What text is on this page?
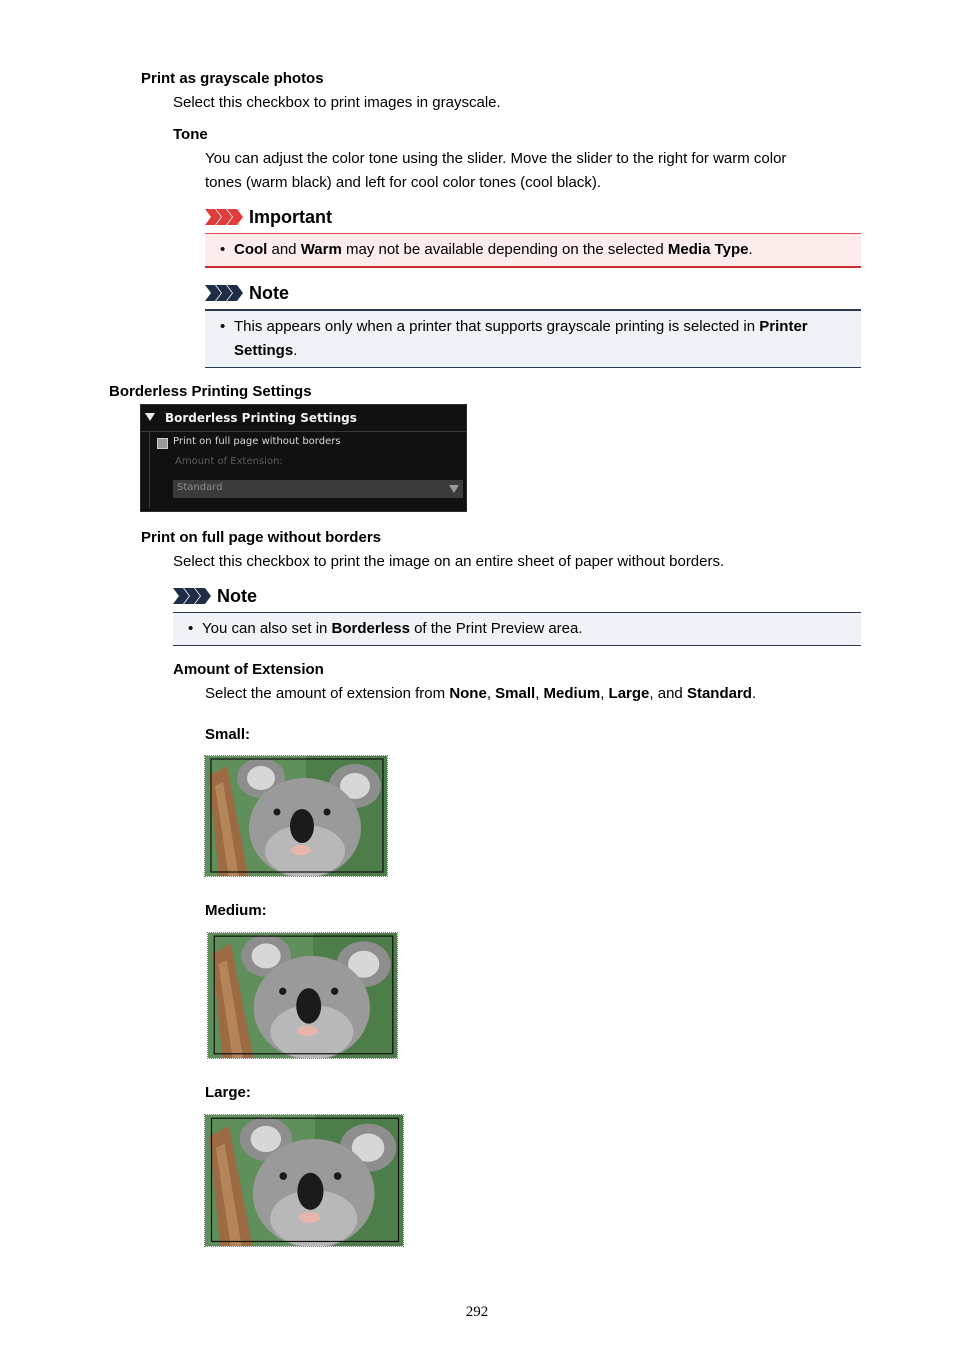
Print as grayscale photos
Select this checkbox to print images in grayscale.
Tone
You can adjust the color tone using the slider. Move the slider to the right for warm color
tones (warm black) and left for cool color tones (cool black).
Important
• Cool and Warm may not be available depending on the selected Media Type.
Note
• This appears only when a printer that supports grayscale printing is selected in Printer
Settings.
Borderless Printing Settings
Borderless Printing Settings
Print on full page without borders
Amount of Extension:
Standard
Print on full page without borders
Select this checkbox to print the image on an entire sheet of paper without borders.
Note
• You can also set in Borderless of the Print Preview area.
Amount of Extension
Select the amount of extension from None, Small, Medium, Large, and Standard.
Small:
Medium:
Large:
292
